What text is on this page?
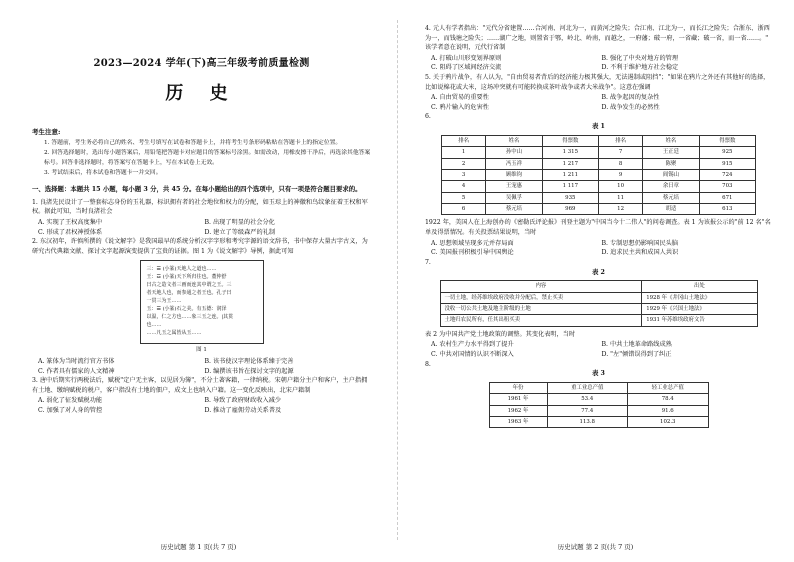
2023—2024 学年(下)高三年级考前质量检测
历 史
考生注意:
1. 答题前，考生务必将自己的姓名、考生号填写在试卷和答题卡上，并将考生号条形码粘贴在答题卡上的指定位置。
2. 回答选择题时，选出每小题答案后，用铅笔把答题卡对应题目的答案标号涂黑。如需改动，用橡皮擦干净后，再选涂其他答案标号。回答非选择题时，将答案写在答题卡上，写在本试卷上无效。
3. 考试结束后，将本试卷和答题卡一并交回。
一、选择题：本题共 15 小题，每小题 3 分，共 45 分。在每小题给出的四个选项中，只有一项是符合题目要求的。
1. 良渚先民设计了一整套标志身份的玉礼器，标识拥有者的社会地位和权力的分配，如玉琮上的神徽和鸟纹象征着王权和军权。据此可知，当时良渚社会
A. 实现了王权高度集中	B. 出现了明显的社会分化
C. 形成了君权神授体系	D. 建立了等级森严的礼制
2. 东汉初年，许慎所撰的《说文解字》是我国最早的系统分析汉字字形和考究字源的语文辞书，书中保存大量古字古义，为研究古代典籍文献、探讨文字起源演变提供了宝贵的证据。图 1 为《说文解字》导例，据此可知
三：☰ (小篆)天地人之道也……
王：☲ (小篆)天下所归往也。董仲舒
曰古之造文者三画而连其中谓之王。三
者天地人也，而参通之者王也。孔子曰
一贯三为王……
玉：☰ (小篆)石之美。有五德：润泽
以温，仁之方也……象三玉之连。|其贯
也……
……凡玉之属皆从玉……
图 1
A. 篆体为当时流行官方书体	B. 该书使汉字理论体系臻于完善
C. 作者具有儒家的人文精神	D. 编撰该书旨在探讨文字的起源
3. 唐中后期实行两税法后，赋税"定户无主客，以见居为簿"，不分土著客籍，一律纳税。宋朝户籍分主户和客户，主户指拥有土地、缴纳赋税的税户，客户指没有土地的佃户，成文上也纳入户籍。这一变化反映出，北宋户籍制
A. 弱化了征发赋税功能	B. 导致了政府财政收入减少
C. 加强了对人身的管控	D. 推动了雇佣劳动关系普及
历史试题 第 1 页(共 7 页)
4. 元人有学者指出："元代分省建置……合河南、河北为一，而黄河之险失；合江南、江北为一，而长江之险失；合浙东、浙西为一，而钱塘之险失；……湖广之地，则置省于鄂，岭北、岭南，而越之，一府藩；破一府，一省藏；破一省，而一省……。" 该学者意在说明，元代行省制
A. 打破山川形变划界原则	B. 强化了中央对地方的管理
C. 阻碍了区域间经济交流	D. 不利于维护地方社会稳定
5. 关于鸦片战争，有人认为，"自由贸易者背后的经济能力极其强大，无法遏制或阻挡"；"如果在鸦片之外还有其他好的选择，比如说棉花或大米，这场冲突就有可能转换成茶叶战争或者大米战争"。这意在强调
A. 自由贸易的重要性	B. 战争起因的复杂性
C. 鸦片输入的危害性	D. 战争发生的必然性
6.
表 1
排名	姓名	得票数	排名	姓名	得票数
1	孙中山	1 315	7	王正廷	925
2	冯玉祥	1 217	8	陈聚	915
3	顾维钧	1 211	9	阎锡山	724
4	王宠惠	1 117	10	余日章	703
5	吴佩孚	935	11	蔡元培	671
6	蔡元培	969	12	胡适	613
1922 年，美国人在上海创办的《密勒氏评论报》刊登主题为"中国当今十二伟人"的问卷调查。表 1 为该报公示的"前 12 名"名单及得票情况。有关投票结果说明，当时
A. 思想领域呈现多元并存局面	B. 专制思想仍影响国民头脑
C. 美国报刊积极引导中国舆论	D. 追求民主共和成国人共识
7.
表 2
内容	出处
一切土地，经苏维埃政府没收并分配后，禁止买卖	1928 年《井冈山土地法》
没收一切公共土地及地主阶级的土地	1929 年《兴国土地法》
土地归农民所有，任其出租买卖	1931 年苏维埃政府文告
表 2 为中国共产党土地政策的调整。其变化表明，当时
A. 农村生产力水平得到了提升	B. 中共土地革命路线成熟
C. 中共对国情的认识不断深入	D. "左"倾错误得到了纠正
8.
表 3
年份	重工业总产值	轻工业总产值
1961 年	53.4	78.4
1962 年	77.4	91.6
1963 年	113.8	102.3
历史试题 第 2 页(共 7 页)
